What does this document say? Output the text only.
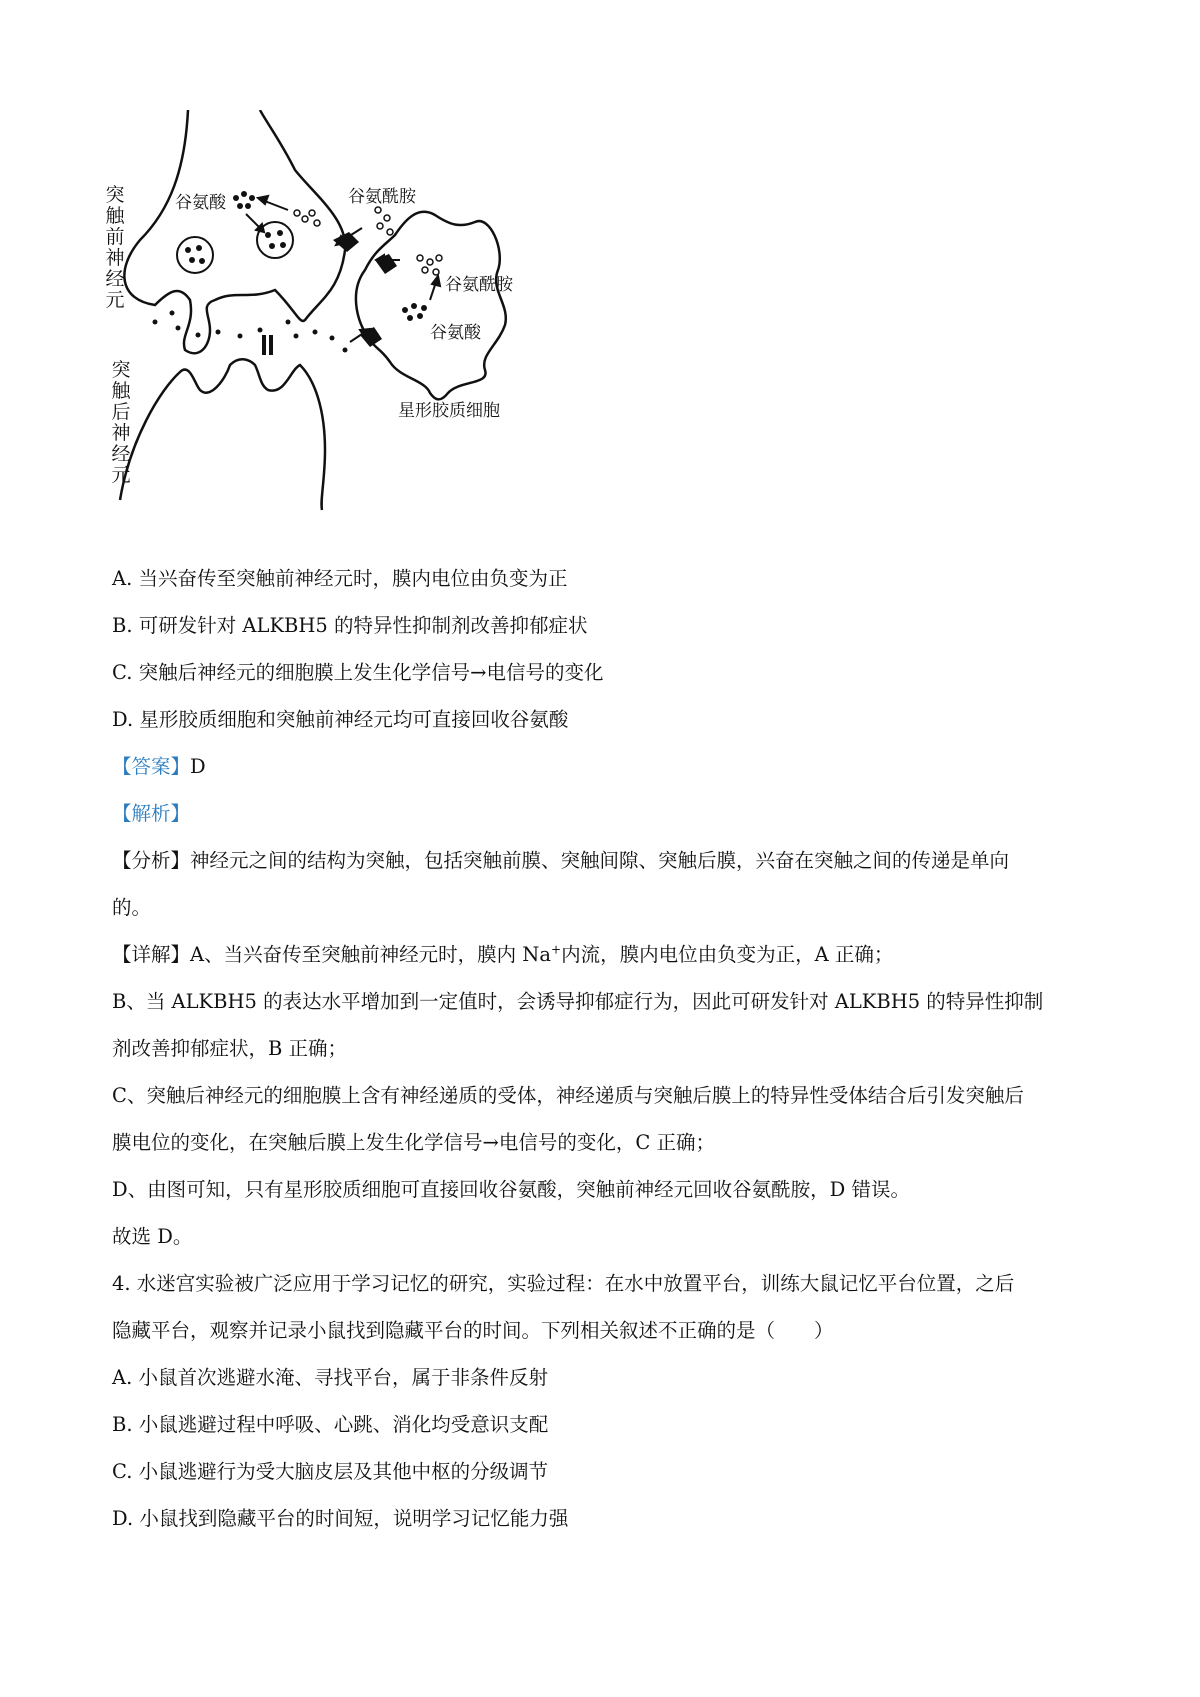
谷氨酸	谷氨酰胺
谷氨酰胺
谷氨酸
星形胶质细胞
突触前神经元
突触后神经元
A. 当兴奋传至突触前神经元时，膜内电位由负变为正
B. 可研发针对 ALKBH5 的特异性抑制剂改善抑郁症状
C. 突触后神经元的细胞膜上发生化学信号→电信号的变化
D. 星形胶质细胞和突触前神经元均可直接回收谷氨酸
【答案】D
【解析】
【分析】神经元之间的结构为突触，包括突触前膜、突触间隙、突触后膜，兴奋在突触之间的传递是单向
的。
【详解】A、当兴奋传至突触前神经元时，膜内 Na+内流，膜内电位由负变为正，A 正确；
B、当 ALKBH5 的表达水平增加到一定值时，会诱导抑郁症行为，因此可研发针对 ALKBH5 的特异性抑制
剂改善抑郁症状，B 正确；
C、突触后神经元的细胞膜上含有神经递质的受体，神经递质与突触后膜上的特异性受体结合后引发突触后
膜电位的变化，在突触后膜上发生化学信号→电信号的变化，C 正确；
D、由图可知，只有星形胶质细胞可直接回收谷氨酸，突触前神经元回收谷氨酰胺，D 错误。
故选 D。
4. 水迷宫实验被广泛应用于学习记忆的研究，实验过程：在水中放置平台，训练大鼠记忆平台位置，之后
隐藏平台，观察并记录小鼠找到隐藏平台的时间。下列相关叙述不正确的是（　　）
A. 小鼠首次逃避水淹、寻找平台，属于非条件反射
B. 小鼠逃避过程中呼吸、心跳、消化均受意识支配
C. 小鼠逃避行为受大脑皮层及其他中枢的分级调节
D. 小鼠找到隐藏平台的时间短，说明学习记忆能力强
